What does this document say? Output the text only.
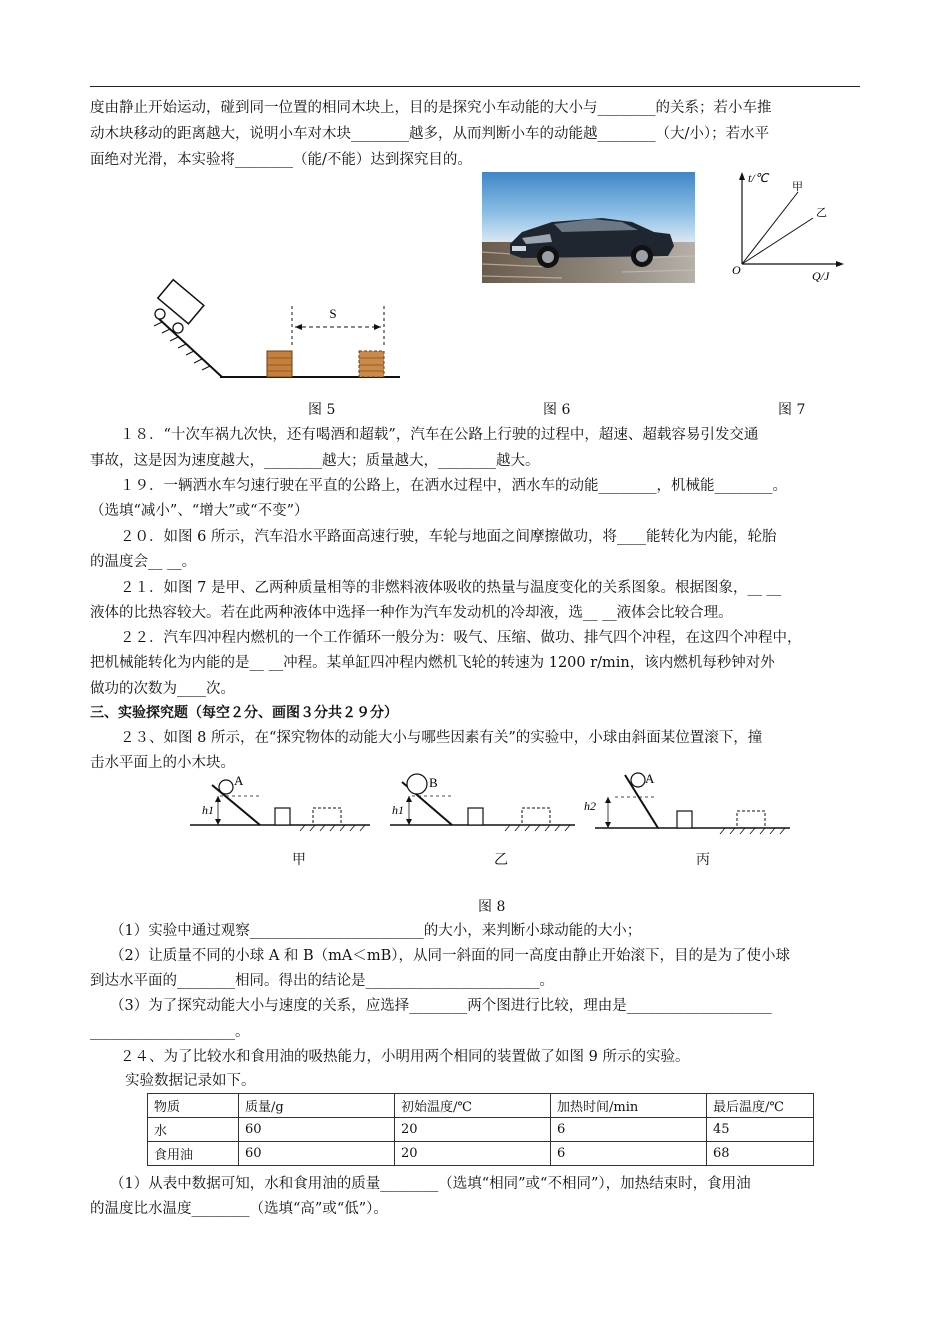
度由静止开始运动，碰到同一位置的相同木块上，目的是探究小车动能的大小与________的关系；若小车推
动木块移动的距离越大，说明小车对木块________越多，从而判断小车的动能越________（大/小）；若水平
面绝对光滑，本实验将________（能/不能）达到探究目的。
S
t/℃
Q/J
O
甲
乙
图 5	图 6	图 7
１８．“十次车祸九次快，还有喝酒和超载”，汽车在公路上行驶的过程中，超速、超载容易引发交通
事故，这是因为速度越大，________越大；质量越大，________越大。
１９．一辆洒水车匀速行驶在平直的公路上，在洒水过程中，洒水车的动能________，机械能________。
（选填“减小”、“增大”或“不变”）
２０．如图 6 所示，汽车沿水平路面高速行驶，车轮与地面之间摩擦做功，将____能转化为内能，轮胎
的温度会__ __。
２１．如图 7 是甲、乙两种质量相等的非燃料液体吸收的热量与温度变化的关系图象。根据图象，__ __
液体的比热容较大。若在此两种液体中选择一种作为汽车发动机的冷却液，选__ __液体会比较合理。
２２．汽车四冲程内燃机的一个工作循环一般分为：吸气、压缩、做功、排气四个冲程，在这四个冲程中，
把机械能转化为内能的是__ __冲程。某单缸四冲程内燃机飞轮的转速为 1200 r/min，该内燃机每秒钟对外
做功的次数为____次。
三、实验探究题（每空２分、画图３分共２９分）
２３、如图 8 所示，在“探究物体的动能大小与哪些因素有关”的实验中，小球由斜面某位置滚下，撞
击水平面上的小木块。
A
h1
B
h1
A
h2
甲	乙	丙
图 8
（1）实验中通过观察________________________的大小，来判断小球动能的大小；
（2）让质量不同的小球 A 和 B（mA＜mB），从同一斜面的同一高度由静止开始滚下，目的是为了使小球
到达水平面的________相同。得出的结论是________________________。
（3）为了探究动能大小与速度的关系，应选择________两个图进行比较，理由是____________________
____________________。
２４、为了比较水和食用油的吸热能力，小明用两个相同的装置做了如图 9 所示的实验。
实验数据记录如下。
物质	质量/g	初始温度/℃	加热时间/min	最后温度/℃
水	60	20	6	45
食用油	60	20	6	68
（1）从表中数据可知，水和食用油的质量________（选填“相同”或“不相同”），加热结束时，食用油
的温度比水温度________（选填“高”或“低”）。
